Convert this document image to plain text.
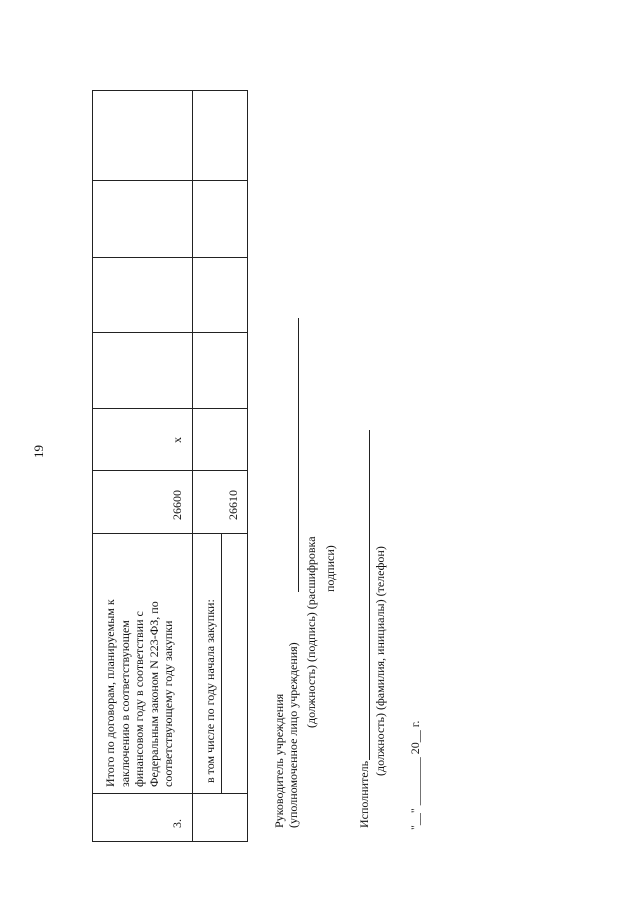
19
3.
Итого по договорам, планируемым к заключению в соответствующем финансовом году в соответствии с Федеральным законом N 223-ФЗ, по соответствующему году закупки
26600
x
в том числе по году начала закупки:
26610
Руководитель учреждения (уполномоченное лицо учреждения)
(должность) (подпись) (расшифровка подписи)
Исполнитель
(должность) (фамилия, инициалы) (телефон) "__" ________ 20__ г.
